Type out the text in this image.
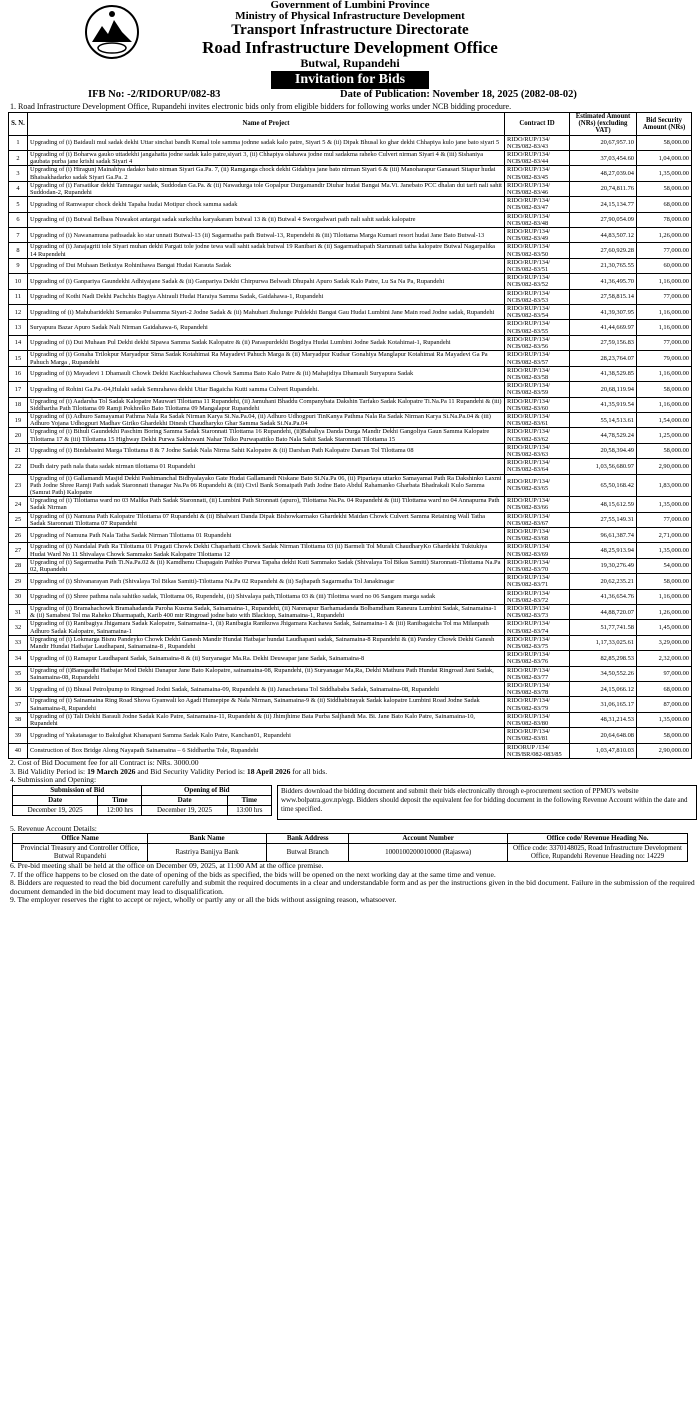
Government of Lumbini Province
Ministry of Physical Infrastructure Development
Transport Infrastructure Directorate
Road Infrastructure Development Office
Butwal, Rupandehi
Invitation for Bids
IFB No: -2/RIDORUP/082-83	Date of Publication: November 18, 2025 (2082-08-02)
1. Road Infrastructure Development Office, Rupandehi invites electronic bids only from eligible bidders for following works under NCB bidding procedure.
S. N.	Name of Project	Contract ID	Estimated Amount (NRs) (excluding VAT)	Bid Security Amount (NRs)
1	Upgrading of (i) Baidauli mul sadak dekhi Uttar sinchai bandh Kumal tole samma jodnne sadak kalo patre, Siyari 5 & (ii) Dipak Bhusal ko ghar dekhi Chhapiya kulo jane bato siyari 5	RIDO/RUP/134/ NCB/082-83/43	20,67,957.10	58,000.00
2	Upgrading of (i) Boharwa gauko uttadekhi jangahatta jodne sadak kalo patre,siyari 3, (ii) Chhapiya olahawa jodne mul sadakma raheko Culvert nirman Siyari 4 & (iii) Sishaniya gaubata purba jane krishi sadak Siyari 4	RIDO/RUP/134/ NCB/082-83/44	37,03,454.60	1,04,000.00
3	Upgrading of (i) Hiragunj Mainahiya dadako bato nirman Siyari Ga.Pa. 7, (ii) Ramganga chock dekhi Gidahiya jane bato nirman Siyari 6 & (iii) Manoharapur Ganasari Sitapur hudai Bhaisakhadarko sadak Siyari Ga.Pa. 2	RIDO/RUP/134/ NCB/082-83/45	48,27,039.04	1,35,000.00
4	Upgrading of (i) Farsatikar dekhi Tamnagar sadak, Suddodan Ga.Pa. & (ii) Nawadurga tole Gopalpur Durgamandir Diuhar hudai Bangai Ma.Vi. Janebato PCC dhalan dui tarfi nali sahit Suddodan-2, Rupandehi	RIDO/RUP/134/ NCB/082-83/46	20,74,811.76	58,000.00
5	Upgrading of Ramwapur chock dekhi Tapaha hudai Motipur chock samma sadak	RIDO/RUP/134/ NCB/082-83/47	24,15,134.77	68,000.00
6	Upgrading of (i) Butwal Belbass Nuwakot antargat sadak surkchha karyakaram butwal 13 & (ii) Butwal 4 Sworgadwari path nali sahit sadak kalopatre	RIDO/RUP/134/ NCB/082-83/48	27,90,054.09	78,000.00
7	Upgrading of (i) Nawanamuna pathsadak ko star unnati Butwal-13 (ii) Sagarmatha path Butwal-13, Rupendehi & (iii) Tilottama Marga Kumari resort hudai Jane Bato Butwal-13	RIDO/RUP/134/ NCB/082-83/49	44,83,507.12	1,26,000.00
8	Upgrading of (i) Janajagriti tole Siyari muhan dekhi Pargati tole jodne tewa wall sahit sadak butwal 19 Ranibari & (ii) Sagarmathapath Starunnati tatha kalopatre Butwal Nagarpalika 14 Rupendehi	RIDO/RUP/134/ NCB/082-83/50	27,60,929.28	77,000.00
9	Upgrading of Dui Muhaan Betkuiya Rohinihawa Bangai Hudai Karauta Sadak	RIDO/RUP/134/ NCB/082-83/51	21,30,765.55	60,000.00
10	Upgrading of (i) Ganpariya Gaundekhi Adhiyajane Sadak & (ii) Ganpariya Dekhi Chirpurwa Belwadi Dhupahi Apuro Sadak Kalo Patre, Lu Sa Na Pa, Rupandehi	RIDO/RUP/134/ NCB/082-83/52	41,36,495.70	1,16,000.00
11	Upgrading of Kothi Nadi Dekhi Pachchis Bagiya Ahirauli Hudai Haraiya Samma Sadak, Gaidahawa-1, Rupandehi	RIDO/RUP/134/ NCB/082-83/53	27,58,815.14	77,000.00
12	Upgradiing of (i) Mahubaridekhi Semarako Pulsamma Siyari-2 Jodne Sadak & (ii) Mahubari Jhulunge Puldekhi Bangai Gau Hudai Lumbini Jane Main road Jodne sadak, Rupandehi	RIDO/RUP/134/ NCB/082-83/54	41,39,307.95	1,16,000.00
13	Suryapura Bazar Apuro Sadak Nali Nirman Gaidahawa-6, Rupandehi	RIDO/RUP/134/ NCB/082-83/55	41,44,669.97	1,16,000.00
14	Upgrading of (i) Dui Muhaan Pul Dekhi dekhi Sipawa Samma Sadak Kalopatre & (ii) Paraspurdekhi Bogdiya Hudai Lumbini Jodne Sadak Kotahimai-1, Rupandehi	RIDO/RUP/134/ NCB/082-83/56	27,59,156.83	77,000.00
15	Upgrading of (i) Gonaha Trilokpur Maryadpur Sima Sadak Kotahimai Ra Mayadevi Pahuch Marga & (ii) Maryadpur Kudsar Gonahiya Manglapur Kotahimai Ra Mayadevi Ga Pa Pahuch Marga , Rupandehi	RIDO/RUP/134/ NCB/082-83/57	28,23,764.07	79,000.00
16	Upgrading of (i) Mayadevi 1 Dhamauli Chowk Dekhi Kachkachahawa Chowk Samma Bato Kalo Patre & (ii) Mahajidiya Dhamauli Suryapura Sadak	RIDO/RUP/134/ NCB/082-83/58	41,38,529.85	1,16,000.00
17	Upgrading of Rohini Ga.Pa.-04,Hulaki sadak Semrahawa dekhi Uttar Bagaicha Kutti samma Culvert Rupandehi.	RIDO/RUP/134/ NCB/082-83/59	20,68,119.94	58,000.00
18	Upgrading of (i) Aadarsha Tol Sadak Kalopatre Mauwari Tilottama 11 Rupandehi, (ii) Jamuhani Bhaddu Companybata Dakshin Tarfako Sadak Kalopatre Ti.Na.Pa 11 Rupandehi & (iii) Siddhartha Path Tilottama 09 Ramji Pokhrelko Bato Tilottama 09 Mangalapur Rupandehi	RIDO/RUP/134/ NCB/082-83/60	41,35,919.54	1,16,000.00
19	Upgrading of (i) Adhuro Samayamai Pathma Nala Ra Sadak Nirman Karya Si.Na.Pa.04, (ii) Adhuro Udhogpuri TinKanya Pathma Nala Ra Sadak Nirman Karya Si.Na.Pa.04 & (iii) Adhuro Yojana Udhogpuri Madhav Giriko Ghardekhi Dinesh Chaudharyko Ghar Samma Sadak Si.Na.Pa.04	RIDO/RUP/134/ NCB/082-83/61	55,14,513.61	1,54,000.00
20	Upgrading of (i) Bihuli Gaundekhi Paschim Boring Samma Sadak Staronnati Tilottama 16 Rupandehi, (ii)Babaliya Danda Durga Mandir Dekhi Gangoliya Gaun Samma Kalopatre Tilottama 17 & (iii) Tilottama 15 Highway Dekhi Purwa Sakhuwani Nahar Tolko Purwapattiko Bato Nala Sahit Sadak Staronnati Tilottama 15	RIDO/RUP/134/ NCB/082-83/62	44,78,529.24	1,25,000.00
21	Upgrading of (i) Bindabasini Marga Tilottama 8 & 7 Jodne Sadak Nala Nirma Sahit Kalopatre & (ii) Darshan Path Kalopatre Darsan Tol Tilottama 08	RIDO/RUP/134/ NCB/082-83/63	20,58,394.49	58,000.00
22	Dudh dairy path nala thata sadak nirman tilottama 01 Rupandehi	RIDO/RUP/134/ NCB/082-83/64	1,03,56,680.97	2,90,000.00
23	Upgrading of (i) Gallamandi Masjid Dekhi Pashimanchal Bidhyalayako Gate Hudai Gallamandi Niskane Bato Si.Na.Pa 06, (ii) Pipariaya uttarko Samayamai Path Ra Dakshinko Laxmi Path Jodne Shree Ramji Path sadak Staronnati thanagar Na.Pa 06 Rupandehi & (iii) Civil Bank Somaipath Path Jodne Bato Abdul Rahamanko Gharbata Bhadrakali Kulo Samma (Samrat Path) Kalopatre	RIDO/RUP/134/ NCB/082-83/65	65,50,168.42	1,83,000.00
24	Upgrading of (i) Tilottama ward no 03 Malika Path Sadak Staronnati, (ii) Lumbini Path Stronnati (apuro), Tilottama Na.Pa. 04 Rupandehi & (iii) Tilottama ward no 04 Annapurna Path Sadak Nirman	RIDO/RUP/134/ NCB/082-83/66	48,15,612.59	1,35,000.00
25	Upgrading of (i) Namuna Path Kalopatre Tilottama 07 Rupandehi & (ii) Bhalwari Danda Dipak Bishowkarmako Ghardekhi Maidan Chowk Culvert Samma Retaining Wall Tatha Sadak Staronnati Tilottama 07 Rupandehi	RIDO/RUP/134/ NCB/082-83/67	27,55,149.31	77,000.00
26	Upgrading of Namuna Path Nala Tatha Sadak Nirman Tilottama 01 Rupandehi	RIDO/RUP/134/ NCB/082-83/68	96,61,387.74	2,71,000.00
27	Upgrading of (i) Nandalal Path Ra Tilottama 01 Pragati Chowk Dekhi Chaparhatti Chowk Sadak Nirman Tilottama 03 (ii) Barmeli Tol Murali ChaudharyKo Ghardekhi Tuktukiya Hudai Ward No 11 Shivalaya Chowk Sammako Sadak Kalopatre Tilottama 12	RIDO/RUP/134/ NCB/082-83/69	48,25,913.94	1,35,000.00
28	Upgrading of (i) Sagarmatha Path Ti.Na.Pa.02 & (ii) Kamdhenu Chapagain Pathko Purwa Tapaha dekhi Kuti Sammako Sadak (Shivalaya Tol Bikas Samiti) Staronnati-Tilottama Na.Pa 02, Rupandehi	RIDO/RUP/134/ NCB/082-83/70	19,30,276.49	54,000.00
29	Upgrading of (i) Shivanarayan Path (Shivalaya Tol Bikas Samiti)-Tilottama Na.Pa 02 Rupandehi & (ii) Sajhapath Sagarmatha Tol Janakinagar	RIDO/RUP/134/ NCB/082-83/71	20,62,235.21	58,000.00
30	Upgrading of (i) Shree pathma nala sahitko sadak, Tilottama 06, Rupendehi, (ii) Shivalaya path,Tilottama 03 & (iii) Tilottma ward no 06 Sangam marga sadak	RIDO/RUP/134/ NCB/082-83/72	41,36,654.76	1,16,000.00
31	Upgrading of (i) Bramahachowk Bramahadanda Paroha Kusma Sadak, Sainamaina-1, Rupandehi, (ii) Narenapur Barhamadanda Bolbamdham Raneura Lumbini Sadak, Sainamaina-1 & (ii) Samabesi Tol ma Raheko Dharmapath, Karib 400 mtr Ringroad jodne bato with Blacktop, Sainamaina-1, Rupandehi	RIDO/RUP/134/ NCB/082-83/73	44,88,720.07	1,26,000.00
32	Upgrading of (i) Ranibagiya Jhigamara Sadak Kalopatre, Sainamaina-1, (ii) Ranibagia Ranikuwa Jhigamara Kachawa Sadak, Sainamaina-1 & (iii) Ranibagaicha Tol ma Milanpath Adhuro Sadak Kalopatre, Sainamaina-1	RIDO/RUP/134/ NCB/082-83/74	51,77,741.58	1,45,000.00
33	Upgrading of (i) Lokmarga Bisnu Pandeyko Chowk Dekhi Ganesh Mandir Hundai Hatbajar hundai Laudhapani sadak, Sainamaina-8 Rupandehi & (ii) Pandey Chowk Dekhi Ganesh Mandir Hundai Hatbajar Laudhapani, Sainamaina-8 , Rupandehi	RIDO/RUP/134/ NCB/082-83/75	1,17,33,025.61	3,29,000.00
34	Upgrading of (i) Ramapur Laudhapani Sadak, Sainamaina-8 & (ii) Suryanagar Ma.Ra. Dekhi Deuwapar jane Sadak, Sainamaina-8	RIDO/RUP/134/ NCB/082-83/76	82,85,298.53	2,32,000.00
35	Upgrading of (i)Bansgadhi Hatbajar Mod Dekhi Danapur Jane Bato Kalopatre, sainamaina-08, Rupandehi, (ii) Suryanagar Ma,Ra, Dekhi Mathura Path Hundai Ringroad Jani Sadak, Sainamaina-08, Rupandehi	RIDO/RUP/134/ NCB/082-83/77	34,50,552.26	97,000.00
36	Upgrading of (i) Bhusal Petrolpump to Ringroad Jodni Sadak, Sainamaina-09, Rupandehi & (ii) Janachetana Tol Siddhababa Sadak, Sainamaina-08, Rupandehi	RIDO/RUP/134/ NCB/082-83/78	24,15,066.12	68,000.00
37	Upgrading of (i) Sainamaina Ring Road Shova Gyanwali ko Agadi Humepipe & Nala Nirman, Sainamaina-9 & (ii) Siddhabinayak Sadak kalopatre Lumbini Road Jodne Sadak Sainamaina-8, Rupandehi	RIDO/RUP/134/ NCB/082-83/79	31,06,165.17	87,000.00
38	Upgrading of (i) Tali Dekhi Barauli Jodne Sadak Kalo Patre, Sainamaina-11, Rupandehi & (ii) Jhimjhime Bata Purba Saljhandi Ma. Bi. Jane Bato Kalo Patre, Sainamaina-10, Rupandehi	RIDO/RUP/134/ NCB/082-83/80	48,31,214.53	1,35,000.00
39	Upgrading of Yakatanagar to Bakulghat Khanapani Samma Sadak Kalo Patre, Kanchan01, Rupandehi	RIDO/RUP/134/ NCB/082-83/81	20,64,648.08	58,000.00
40	Construction of Box Bridge Along Nayapath Sainamaina – 6 Siddhartha Tole, Rupandehi	RIDORUP /134/ NCB/BR/082-083/85	1,03,47,810.03	2,90,000.00
2. Cost of Bid Document fee for all Contract is: NRs. 3000.00
3. Bid Validity Period is: 19 March 2026 and Bid Security Validity Period is: 18 April 2026 for all bids.
4. Submission and Opening:
Submission of Bid		Opening of Bid	
Date	Time	Date	Time
December 19, 2025	12:00 hrs	December 19, 2025	13:00 hrs
Bidders download the bidding document and submit their bids electronically through e-procurement section of PPMO's website www.bolpatra.gov.np/egp. Bidders should deposit the equivalent fee for bidding document in the following Revenue Account within the date and time specified.
5. Revenue Account Details:
Office Name	Bank Name	Bank Address	Account Number	Office code/ Revenue Heading No.
Provincial Treasury and Controller Office, Butwal Rupandehi	Rastriya Banijya Bank	Butwal Branch	1000100200010000 (Rajaswa)	Office code: 3370148025, Road Infrastructure Development Office, Rupandehi Revenue Heading no: 14229
6. Pre-bid meeting shall be held at the office on December 09, 2025, at 11:00 AM at the office premise.
7. If the office happens to be closed on the date of opening of the bids as specified, the bids will be opened on the next working day at the same time and venue.
8. Bidders are requested to read the bid document carefully and submit the required documents in a clear and understandable form and as per the instructions given in the bid document. Failure in the submission of the required document demanded in the bid document may lead to disqualification.
9. The employer reserves the right to accept or reject, wholly or partly any or all the bids without assigning reason, whatsoever.
